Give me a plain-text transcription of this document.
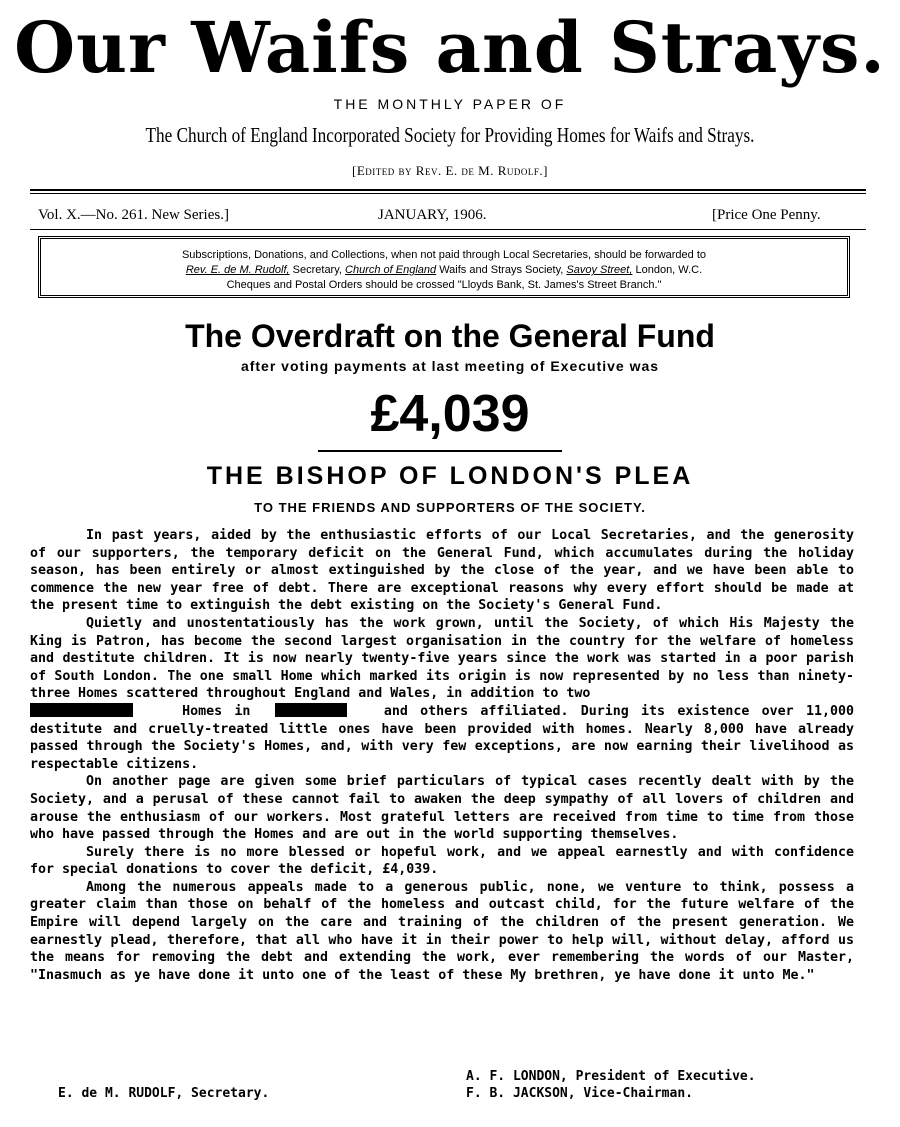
Our Waifs and Strays.
THE MONTHLY PAPER OF
The Church of England Incorporated Society for Providing Homes for Waifs and Strays.
[Edited by Rev. E. de M. Rudolf.]
Vol. X.—No. 261. New Series.]	JANUARY, 1906.	[Price One Penny.
Subscriptions, Donations, and Collections, when not paid through Local Secretaries, should be forwarded to
Rev. E. de M. Rudolf, Secretary, Church of England Waifs and Strays Society, Savoy Street, London, W.C.
Cheques and Postal Orders should be crossed "Lloyds Bank, St. James's Street Branch."
The Overdraft on the General Fund
after voting payments at last meeting of Executive was
£4,039
THE BISHOP OF LONDON'S PLEA
TO THE FRIENDS AND SUPPORTERS OF THE SOCIETY.

In past years, aided by the enthusiastic efforts of our Local Secretaries, and the generosity of our supporters, the temporary deficit on the General Fund, which accumulates during the holiday season, has been entirely or almost extinguished by the close of the year, and we have been able to commence the new year free of debt. There are exceptional reasons why every effort should be made at the present time to extinguish the debt existing on the Society's General Fund.

Quietly and unostentatiously has the work grown, until the Society, of which His Majesty the King is Patron, has become the second largest organisation in the country for the welfare of homeless and destitute children. It is now nearly twenty-five years since the work was started in a poor parish of South London. The one small Home which marked its origin is now represented by no less than ninety-three Homes scattered throughout England and Wales, in addition to two
Homes in	and others affiliated. During its existence over 11,000 destitute and cruelly-treated little ones have been provided with homes. Nearly 8,000 have already passed through the Society's Homes, and, with very few exceptions, are now earning their livelihood as respectable citizens.

On another page are given some brief particulars of typical cases recently dealt with by the Society, and a perusal of these cannot fail to awaken the deep sympathy of all lovers of children and arouse the enthusiasm of our workers. Most grateful letters are received from time to time from those who have passed through the Homes and are out in the world supporting themselves.

Surely there is no more blessed or hopeful work, and we appeal earnestly and with confidence for special donations to cover the deficit, £4,039.

Among the numerous appeals made to a generous public, none, we venture to think, possess a greater claim than those on behalf of the homeless and outcast child, for the future welfare of the Empire will depend largely on the care and training of the children of the present generation. We earnestly plead, therefore, that all who have it in their power to help will, without delay, afford us the means for removing the debt and extending the work, ever remembering the words of our Master, "Inasmuch as ye have done it unto one of the least of these My brethren, ye have done it unto Me."

E. de M. RUDOLF, Secretary.
A. F. LONDON, President of Executive.
F. B. JACKSON, Vice-Chairman.
